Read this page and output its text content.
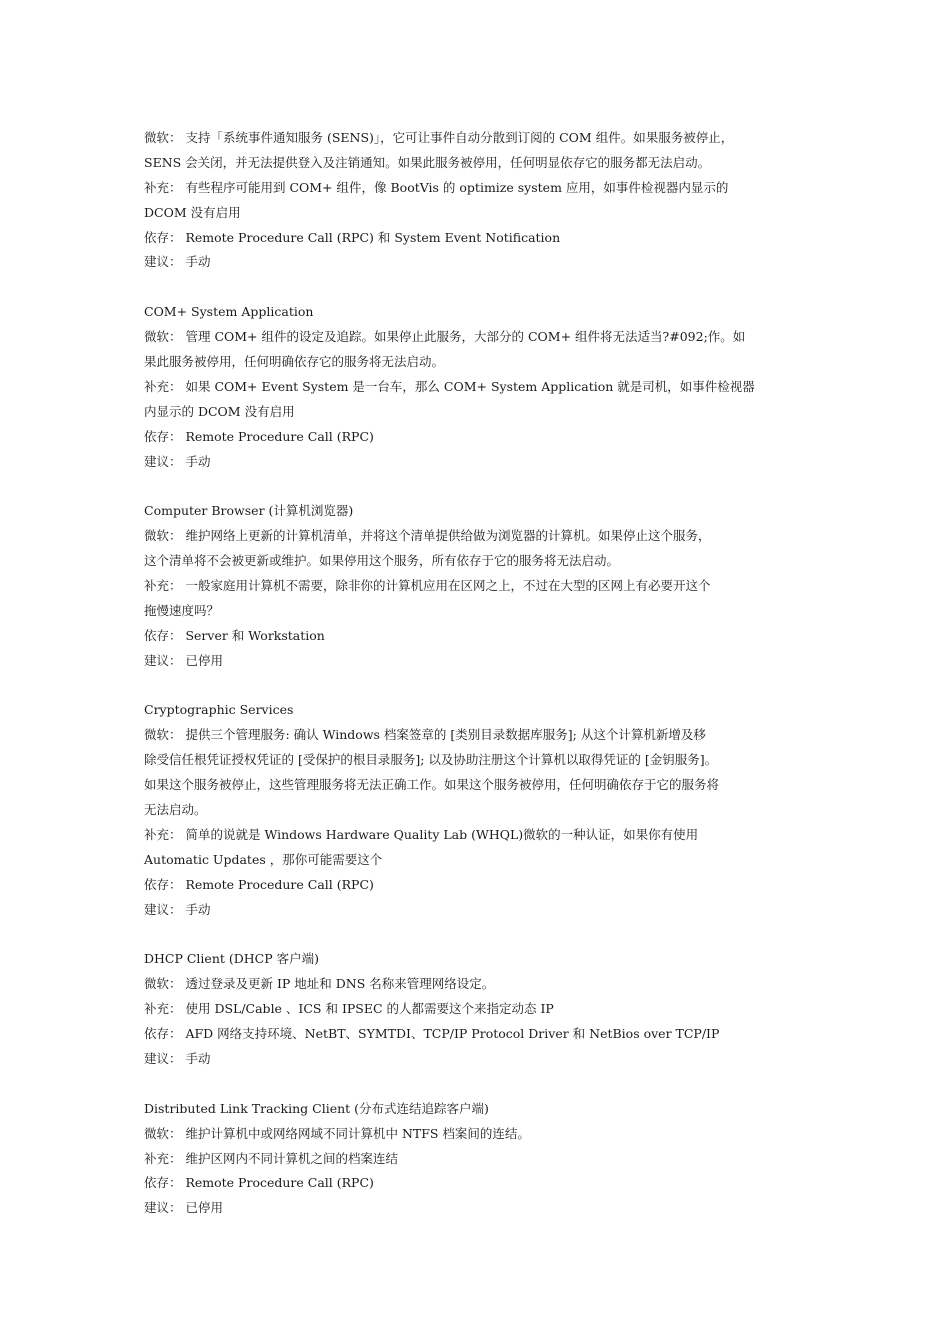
微软： 支持「系统事件通知服务 (SENS)」，它可让事件自动分散到订阅的 COM 组件。如果服务被停止，
SENS 会关闭，并无法提供登入及注销通知。如果此服务被停用，任何明显依存它的服务都无法启动。
补充： 有些程序可能用到 COM+ 组件，像 BootVis 的 optimize system 应用，如事件检视器内显示的
DCOM 没有启用
依存： Remote Procedure Call (RPC) 和 System Event Notification
建议： 手动
COM+ System Application
微软： 管理 COM+ 组件的设定及追踪。如果停止此服务，大部分的 COM+ 组件将无法适当?#092;作。如
果此服务被停用，任何明确依存它的服务将无法启动。
补充： 如果 COM+ Event System 是一台车，那么 COM+ System Application 就是司机，如事件检视器
内显示的 DCOM 没有启用
依存： Remote Procedure Call (RPC)
建议： 手动
Computer Browser (计算机浏览器)
微软： 维护网络上更新的计算机清单，并将这个清单提供给做为浏览器的计算机。如果停止这个服务，
这个清单将不会被更新或维护。如果停用这个服务，所有依存于它的服务将无法启动。
补充： 一般家庭用计算机不需要，除非你的计算机应用在区网之上，不过在大型的区网上有必要开这个
拖慢速度吗？
依存： Server 和 Workstation
建议： 已停用
Cryptographic Services
微软： 提供三个管理服务: 确认 Windows 档案签章的 [类别目录数据库服务]; 从这个计算机新增及移
除受信任根凭证授权凭证的 [受保护的根目录服务]; 以及协助注册这个计算机以取得凭证的 [金钥服务]。
如果这个服务被停止，这些管理服务将无法正确工作。如果这个服务被停用，任何明确依存于它的服务将
无法启动。
补充： 简单的说就是 Windows Hardware Quality Lab (WHQL)微软的一种认证，如果你有使用
Automatic Updates ，那你可能需要这个
依存： Remote Procedure Call (RPC)
建议： 手动
DHCP Client (DHCP 客户端)
微软： 透过登录及更新 IP 地址和 DNS 名称来管理网络设定。
补充： 使用 DSL/Cable 、ICS 和 IPSEC 的人都需要这个来指定动态 IP
依存： AFD 网络支持环境、NetBT、SYMTDI、TCP/IP Protocol Driver 和 NetBios over TCP/IP
建议： 手动
Distributed Link Tracking Client (分布式连结追踪客户端)
微软： 维护计算机中或网络网域不同计算机中 NTFS 档案间的连结。
补充： 维护区网内不同计算机之间的档案连结
依存： Remote Procedure Call (RPC)
建议： 已停用
